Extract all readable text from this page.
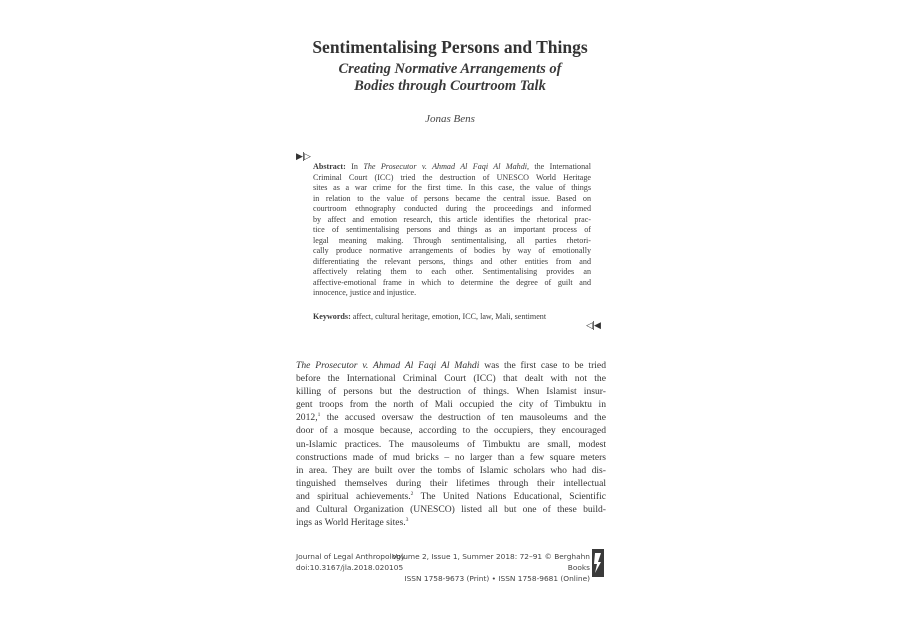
Sentimentalising Persons and Things
Creating Normative Arrangements of
Bodies through Courtroom Talk
Jonas Bens
▶|▷
Abstract: In The Prosecutor v. Ahmad Al Faqi Al Mahdi, the International
Criminal Court (ICC) tried the destruction of UNESCO World Heritage
sites as a war crime for the first time. In this case, the value of things
in relation to the value of persons became the central issue. Based on
courtroom ethnography conducted during the proceedings and informed
by affect and emotion research, this article identifies the rhetorical prac-
tice of sentimentalising persons and things as an important process of
legal meaning making. Through sentimentalising, all parties rhetori-
cally produce normative arrangements of bodies by way of emotionally
differentiating the relevant persons, things and other entities from and
affectively relating them to each other. Sentimentalising provides an
affective-emotional frame in which to determine the degree of guilt and
innocence, justice and injustice.
Keywords: affect, cultural heritage, emotion, ICC, law, Mali, sentiment
◁|◀
The Prosecutor v. Ahmad Al Faqi Al Mahdi was the first case to be tried
before the International Criminal Court (ICC) that dealt with not the
killing of persons but the destruction of things. When Islamist insur-
gent troops from the north of Mali occupied the city of Timbuktu in
2012,$^1$ the accused oversaw the destruction of ten mausoleums and the
door of a mosque because, according to the occupiers, they encouraged
un-Islamic practices. The mausoleums of Timbuktu are small, modest
constructions made of mud bricks – no larger than a few square meters
in area. They are built over the tombs of Islamic scholars who had dis-
tinguished themselves during their lifetimes through their intellectual
and spiritual achievements.$^2$ The United Nations Educational, Scientific
and Cultural Organization (UNESCO) listed all but one of these build-
ings as World Heritage sites.$^3$
Journal of Legal Anthropology
doi:10.3167/jla.2018.020105
Volume 2, Issue 1, Summer 2018: 72–91 © Berghahn Books
ISSN 1758-9673 (Print) • ISSN 1758-9681 (Online)
